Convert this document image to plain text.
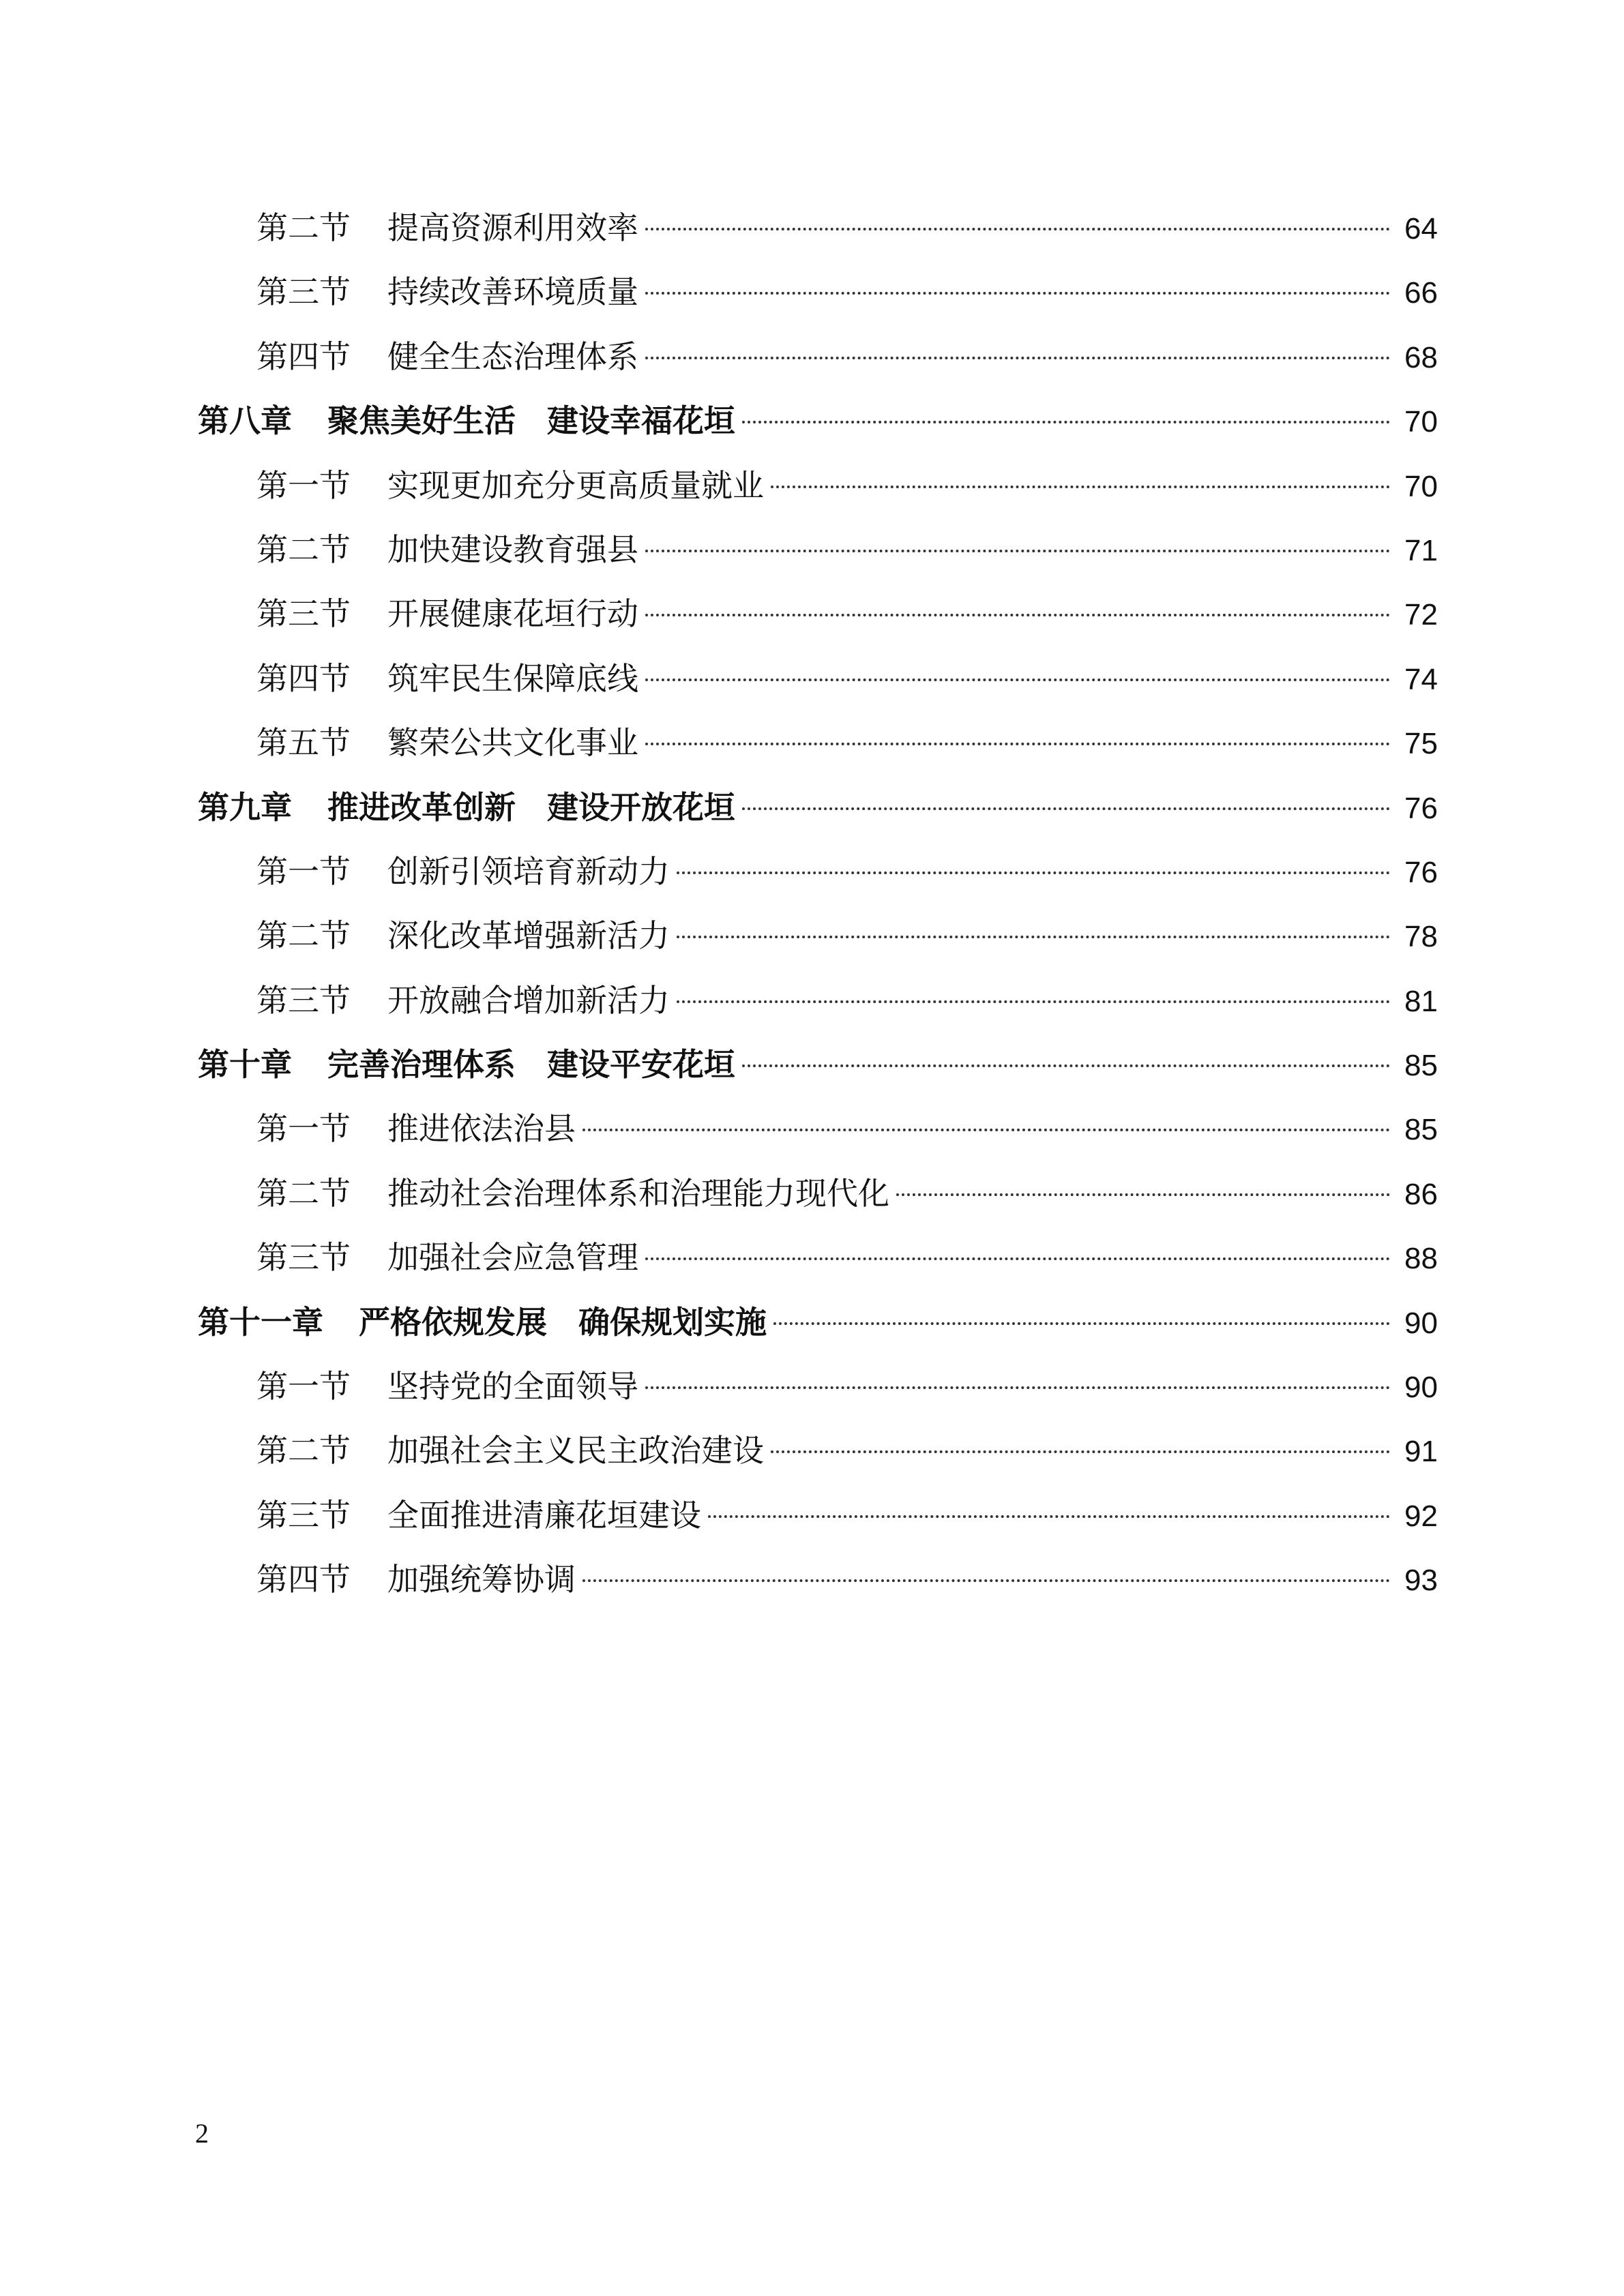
第二节	提高资源利用效率	64
第三节	持续改善环境质量	66
第四节	健全生态治理体系	68
第八章 聚焦美好生活　建设幸福花垣	70
第一节	实现更加充分更高质量就业	70
第二节	加快建设教育强县	71
第三节	开展健康花垣行动	72
第四节	筑牢民生保障底线	74
第五节	繁荣公共文化事业	75
第九章 推进改革创新　建设开放花垣	76
第一节	创新引领培育新动力	76
第二节	深化改革增强新活力	78
第三节	开放融合增加新活力	81
第十章 完善治理体系　建设平安花垣	85
第一节	推进依法治县	85
第二节	推动社会治理体系和治理能力现代化	86
第三节	加强社会应急管理	88
第十一章 严格依规发展　确保规划实施	90
第一节	坚持党的全面领导	90
第二节	加强社会主义民主政治建设	91
第三节	全面推进清廉花垣建设	92
第四节	加强统筹协调	93
2
